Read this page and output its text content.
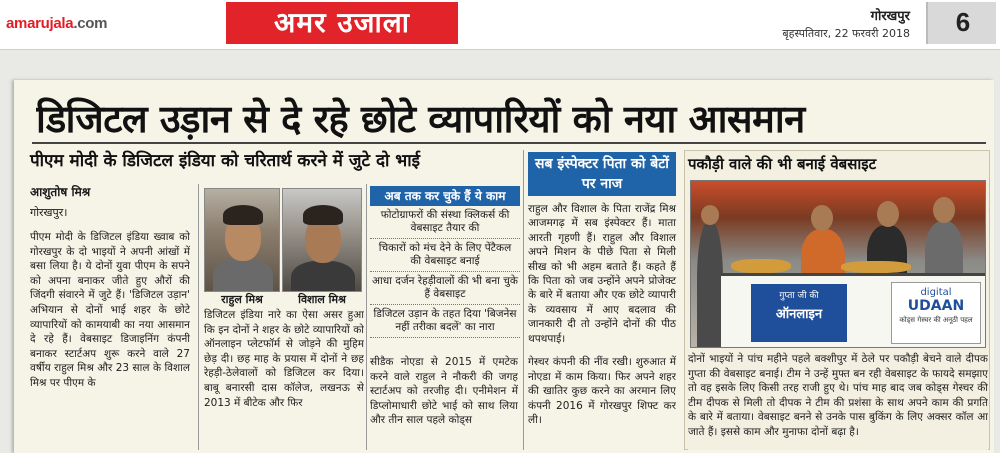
amarujala.com	अमर उजाला	गोरखपुर
बृहस्पतिवार, 22 फरवरी 2018	6
डिजिटल उड़ान से दे रहे छोटे व्यापारियों को नया आसमान
पीएम मोदी के डिजिटल इंडिया को चरितार्थ करने में जुटे दो भाई
आशुतोष मिश्र
गोरखपुर।
पीएम मोदी के डिजिटल इंडिया ख्वाब को गोरखपुर के दो भाइयों ने अपनी आंखों में बसा लिया है। ये दोनों युवा पीएम के सपने को अपना बनाकर जीते हुए औरों की जिंदगी संवारने में जुटे हैं। 'डिजिटल उड़ान' अभियान से दोनों भाई शहर के छोटे व्यापारियों को कामयाबी का नया आसमान दे रहे हैं। वेबसाइट डिजाइनिंग कंपनी बनाकर स्टार्टअप शुरू करने वाले 27 वर्षीय राहुल मिश्र और 23 साल के विशाल मिश्र पर पीएम के
राहुल मिश्र	विशाल मिश्र
डिजिटल इंडिया नारे का ऐसा असर हुआ कि इन दोनों ने शहर के छोटे व्यापारियों को ऑनलाइन प्लेटफॉर्म से जोड़ने की मुहिम छेड़ दी। छह माह के प्रयास में दोनों ने छह रेहड़ी-ठेलेवालों को डिजिटल कर दिया। बाबू बनारसी दास कॉलेज, लखनऊ से 2013 में बीटेक और फिर
अब तक कर चुके हैं ये काम
फोटोग्राफरों की संस्था क्लिकर्स की वेबसाइट तैयार की
चिकारों को मंच देने के लिए पेंटैकल की वेबसाइट बनाई
आधा दर्जन रेहड़ीवालों की भी बना चुके हैं वेबसाइट
डिजिटल उड़ान के तहत दिया 'बिजनेस नहीं तरीका बदलें' का नारा
सीडैक नोएडा से 2015 में एमटेक करने वाले राहुल ने नौकरी की जगह स्टार्टअप को तरजीह दी। एनीमेशन में डिप्लोमाधारी छोटे भाई को साथ लिया और तीन साल पहले कोड्स
सब इंस्पेक्टर पिता को बेटों पर नाज
राहुल और विशाल के पिता राजेंद्र मिश्र आजमगढ़ में सब इंस्पेक्टर हैं। माता आरती गृहणी हैं। राहुल और विशाल अपने मिशन के पीछे पिता से मिली सीख को भी अहम बताते हैं। कहते हैं कि पिता को जब उन्होंने अपने प्रोजेक्ट के बारे में बताया और एक छोटे व्यापारी के व्यवसाय में आए बदलाव की जानकारी दी तो उन्होंने दोनों की पीठ थपथपाई।
गेस्चर कंपनी की नींव रखी। शुरुआत में नोएडा में काम किया। फिर अपने शहर की खातिर कुछ करने का अरमान लिए कंपनी 2016 में गोरखपुर शिफ्ट कर ली।
पकौड़ी वाले की भी बनाई वेबसाइट
गुप्ता जी की
ऑनलाइन
digital
UDAAN
कोड्स गेस्चर की अनूठी पहल
दोनों भाइयों ने पांच महीने पहले बक्शीपुर में ठेले पर पकौड़ी बेचने वाले दीपक गुप्ता की वेबसाइट बनाई। टीम ने उन्हें मुफ्त बन रही वेबसाइट के फायदे समझाए तो वह इसके लिए किसी तरह राजी हुए थे। पांच माह बाद जब कोड्स गेस्चर की टीम दीपक से मिली तो दीपक ने टीम की प्रशंसा के साथ अपने काम की प्रगति के बारे में बताया। वेबसाइट बनने से उनके पास बुकिंग के लिए अक्सर कॉल आ जाते हैं। इससे काम और मुनाफा दोनों बढ़ा है।
